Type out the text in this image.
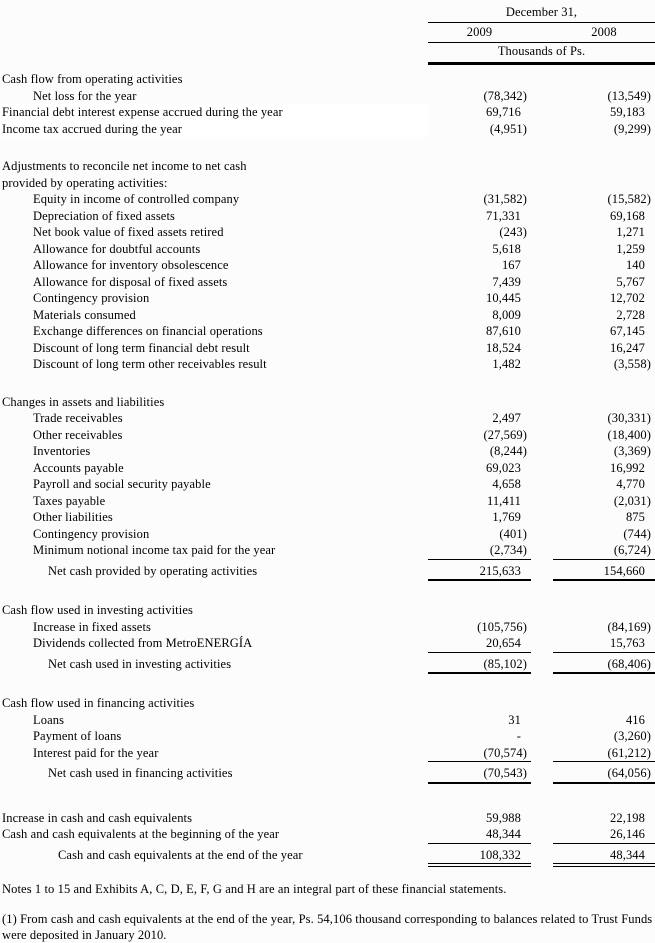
December 31,
2009	2008
Thousands of Ps.
Cash flow from operating activities
Net loss for the year	(78,342)	(13,549)
Financial debt interest expense accrued during the year	69,716	59,183
Income tax accrued during the year	(4,951)	(9,299)
Adjustments to reconcile net income to net cash
provided by operating activities:
Equity in income of controlled company	(31,582)	(15,582)
Depreciation of fixed assets	71,331	69,168
Net book value of fixed assets retired	(243)	1,271
Allowance for doubtful accounts	5,618	1,259
Allowance for inventory obsolescence	167	140
Allowance for disposal of fixed assets	7,439	5,767
Contingency provision	10,445	12,702
Materials consumed	8,009	2,728
Exchange differences on financial operations	87,610	67,145
Discount of long term financial debt result	18,524	16,247
Discount of long term other receivables result	1,482	(3,558)
Changes in assets and liabilities
Trade receivables	2,497	(30,331)
Other receivables	(27,569)	(18,400)
Inventories	(8,244)	(3,369)
Accounts payable	69,023	16,992
Payroll and social security payable	4,658	4,770
Taxes payable	11,411	(2,031)
Other liabilities	1,769	875
Contingency provision	(401)	(744)
Minimum notional income tax paid for the year	(2,734)	(6,724)
Net cash provided by operating activities	215,633	154,660
Cash flow used in investing activities
Increase in fixed assets	(105,756)	(84,169)
Dividends collected from MetroENERGÍA	20,654	15,763
Net cash used in investing activities	(85,102)	(68,406)
Cash flow used in financing activities
Loans	31	416
Payment of loans	-	(3,260)
Interest paid for the year	(70,574)	(61,212)
Net cash used in financing activities	(70,543)	(64,056)
Increase in cash and cash equivalents	59,988	22,198
Cash and cash equivalents at the beginning of the year	48,344	26,146
Cash and cash equivalents at the end of the year	108,332	48,344
Notes 1 to 15 and Exhibits A, C, D, E, F, G and H are an integral part of these financial statements.
(1) From cash and cash equivalents at the end of the year, Ps. 54,106 thousand corresponding to balances related to Trust Funds were deposited in January 2010.
